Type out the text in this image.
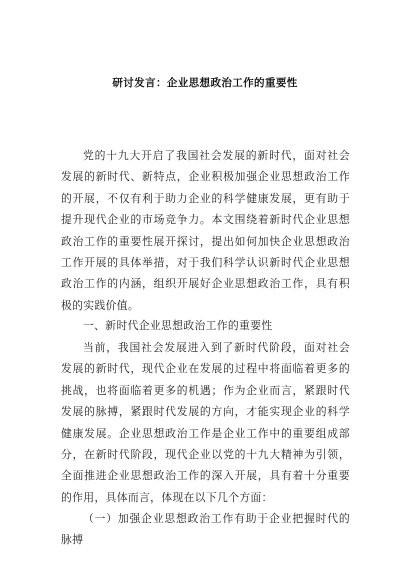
研讨发言：企业思想政治工作的重要性

党的十九大开启了我国社会发展的新时代，面对社会发展的新时代、新特点，企业积极加强企业思想政治工作的开展，不仅有利于助力企业的科学健康发展，更有助于提升现代企业的市场竞争力。本文围绕着新时代企业思想政治工作的重要性展开探讨，提出如何加快企业思想政治工作开展的具体举措，对于我们科学认识新时代企业思想政治工作的内涵，组织开展好企业思想政治工作，具有积极的实践价值。

一、新时代企业思想政治工作的重要性

当前，我国社会发展进入到了新时代阶段，面对社会发展的新时代，现代企业在发展的过程中将面临着更多的挑战，也将面临着更多的机遇；作为企业而言，紧跟时代发展的脉搏，紧跟时代发展的方向，才能实现企业的科学健康发展。企业思想政治工作是企业工作中的重要组成部分，在新时代阶段，现代企业以党的十九大精神为引领，全面推进企业思想政治工作的深入开展，具有着十分重要的作用，具体而言，体现在以下几个方面：

（一）加强企业思想政治工作有助于企业把握时代的脉搏
